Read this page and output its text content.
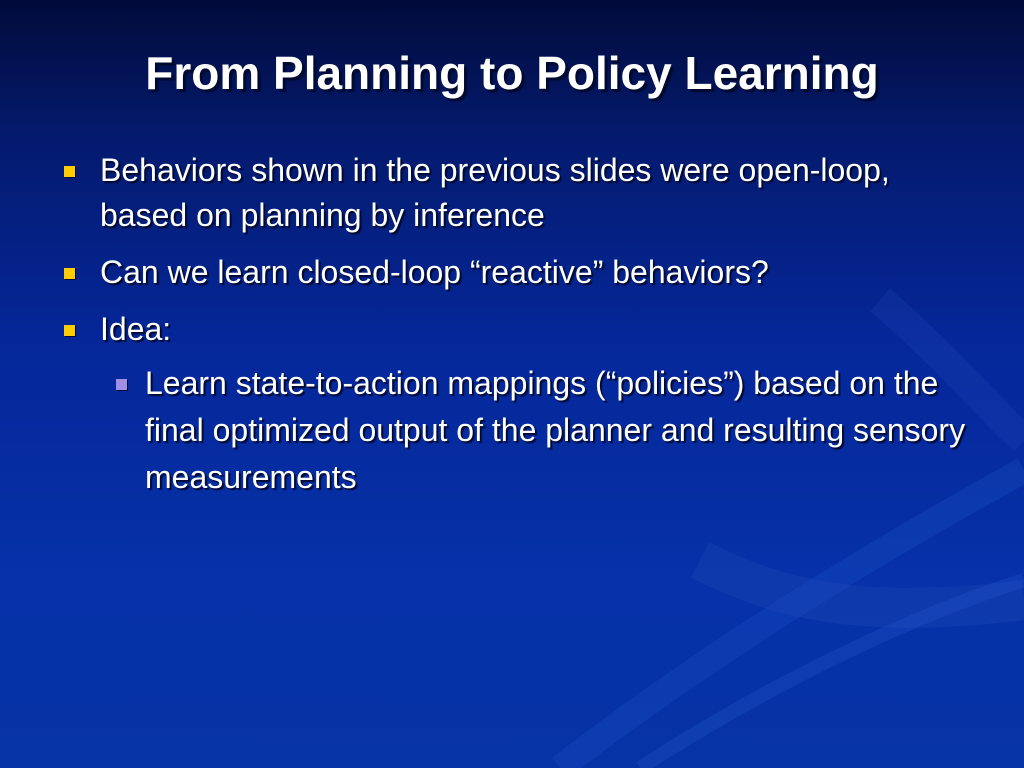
From Planning to Policy Learning
Behaviors shown in the previous slides were open-loop, based on planning by inference
Can we learn closed-loop “reactive” behaviors?
Idea:
Learn state-to-action mappings (“policies”) based on the final optimized output of the planner and resulting sensory measurements
